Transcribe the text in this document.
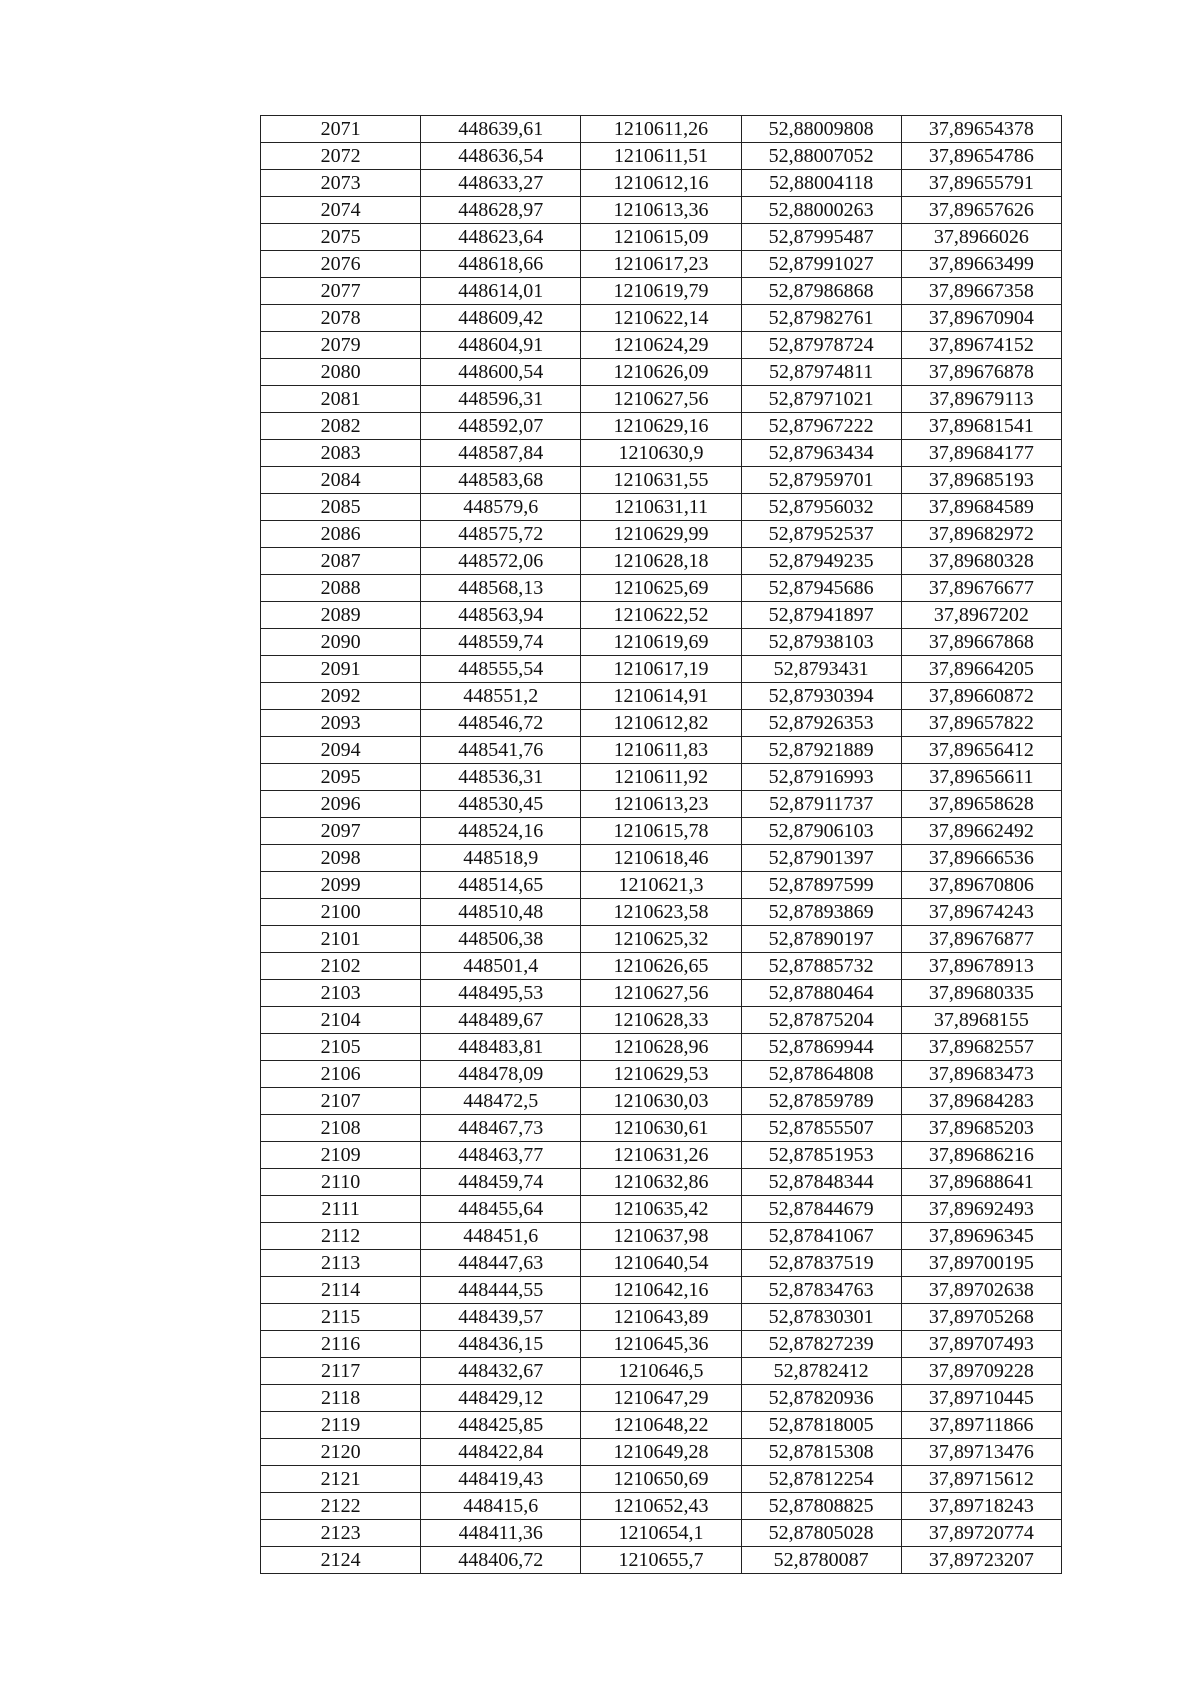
2071	448639,61	1210611,26	52,88009808	37,89654378
2072	448636,54	1210611,51	52,88007052	37,89654786
2073	448633,27	1210612,16	52,88004118	37,89655791
2074	448628,97	1210613,36	52,88000263	37,89657626
2075	448623,64	1210615,09	52,87995487	37,8966026
2076	448618,66	1210617,23	52,87991027	37,89663499
2077	448614,01	1210619,79	52,87986868	37,89667358
2078	448609,42	1210622,14	52,87982761	37,89670904
2079	448604,91	1210624,29	52,87978724	37,89674152
2080	448600,54	1210626,09	52,87974811	37,89676878
2081	448596,31	1210627,56	52,87971021	37,89679113
2082	448592,07	1210629,16	52,87967222	37,89681541
2083	448587,84	1210630,9	52,87963434	37,89684177
2084	448583,68	1210631,55	52,87959701	37,89685193
2085	448579,6	1210631,11	52,87956032	37,89684589
2086	448575,72	1210629,99	52,87952537	37,89682972
2087	448572,06	1210628,18	52,87949235	37,89680328
2088	448568,13	1210625,69	52,87945686	37,89676677
2089	448563,94	1210622,52	52,87941897	37,8967202
2090	448559,74	1210619,69	52,87938103	37,89667868
2091	448555,54	1210617,19	52,8793431	37,89664205
2092	448551,2	1210614,91	52,87930394	37,89660872
2093	448546,72	1210612,82	52,87926353	37,89657822
2094	448541,76	1210611,83	52,87921889	37,89656412
2095	448536,31	1210611,92	52,87916993	37,89656611
2096	448530,45	1210613,23	52,87911737	37,89658628
2097	448524,16	1210615,78	52,87906103	37,89662492
2098	448518,9	1210618,46	52,87901397	37,89666536
2099	448514,65	1210621,3	52,87897599	37,89670806
2100	448510,48	1210623,58	52,87893869	37,89674243
2101	448506,38	1210625,32	52,87890197	37,89676877
2102	448501,4	1210626,65	52,87885732	37,89678913
2103	448495,53	1210627,56	52,87880464	37,89680335
2104	448489,67	1210628,33	52,87875204	37,8968155
2105	448483,81	1210628,96	52,87869944	37,89682557
2106	448478,09	1210629,53	52,87864808	37,89683473
2107	448472,5	1210630,03	52,87859789	37,89684283
2108	448467,73	1210630,61	52,87855507	37,89685203
2109	448463,77	1210631,26	52,87851953	37,89686216
2110	448459,74	1210632,86	52,87848344	37,89688641
2111	448455,64	1210635,42	52,87844679	37,89692493
2112	448451,6	1210637,98	52,87841067	37,89696345
2113	448447,63	1210640,54	52,87837519	37,89700195
2114	448444,55	1210642,16	52,87834763	37,89702638
2115	448439,57	1210643,89	52,87830301	37,89705268
2116	448436,15	1210645,36	52,87827239	37,89707493
2117	448432,67	1210646,5	52,8782412	37,89709228
2118	448429,12	1210647,29	52,87820936	37,89710445
2119	448425,85	1210648,22	52,87818005	37,89711866
2120	448422,84	1210649,28	52,87815308	37,89713476
2121	448419,43	1210650,69	52,87812254	37,89715612
2122	448415,6	1210652,43	52,87808825	37,89718243
2123	448411,36	1210654,1	52,87805028	37,89720774
2124	448406,72	1210655,7	52,8780087	37,89723207
